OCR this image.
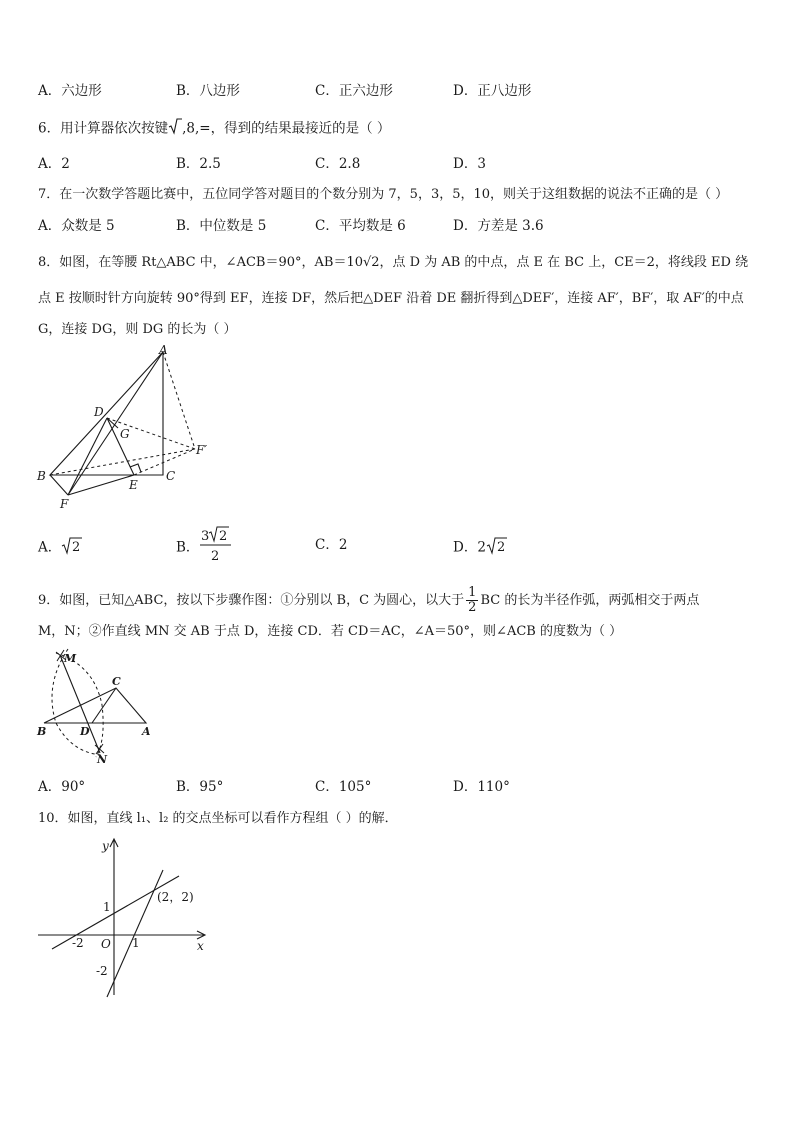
A．六边形	B．八边形	C．正六边形	D．正八边形
6．用计算器依次按键 ,8,=，得到的结果最接近的是（ ）
A．2	B．2.5	C．2.8	D．3
7．在一次数学答题比赛中，五位同学答对题目的个数分别为 7，5，3，5，10，则关于这组数据的说法不正确的是（ ）
A．众数是 5	B．中位数是 5	C．平均数是 6	D．方差是 3.6
8．如图，在等腰 Rt△ABC 中，∠ACB＝90°，AB＝10√2，点 D 为 AB 的中点，点 E 在 BC 上，CE＝2，将线段 ED 绕
点 E 按顺时针方向旋转 90°得到 EF，连接 DF，然后把△DEF 沿着 DE 翻折得到△DEF′，连接 AF′，BF′，取 AF′的中点
G，连接 DG，则 DG 的长为（ ）
A
D
G
F′
B	C
E
F
A． 2	B．
3 2
2
C．2	D．2 2
9．如图，已知△ABC，按以下步骤作图：①分别以 B，C 为圆心，以大于 $\frac{1}{2}$ BC 的长为半径作弧，两弧相交于两点
M，N；②作直线 MN 交 AB 于点 D，连接 CD．若 CD＝AC，∠A＝50°，则∠ACB 的度数为（ ）
M
C
B	D	A
N
A．90°	B．95°	C．105°	D．110°
10．如图，直线 l₁、l₂ 的交点坐标可以看作方程组（ ）的解．
y
x
O
1
1
-2
-2
(2，2)
